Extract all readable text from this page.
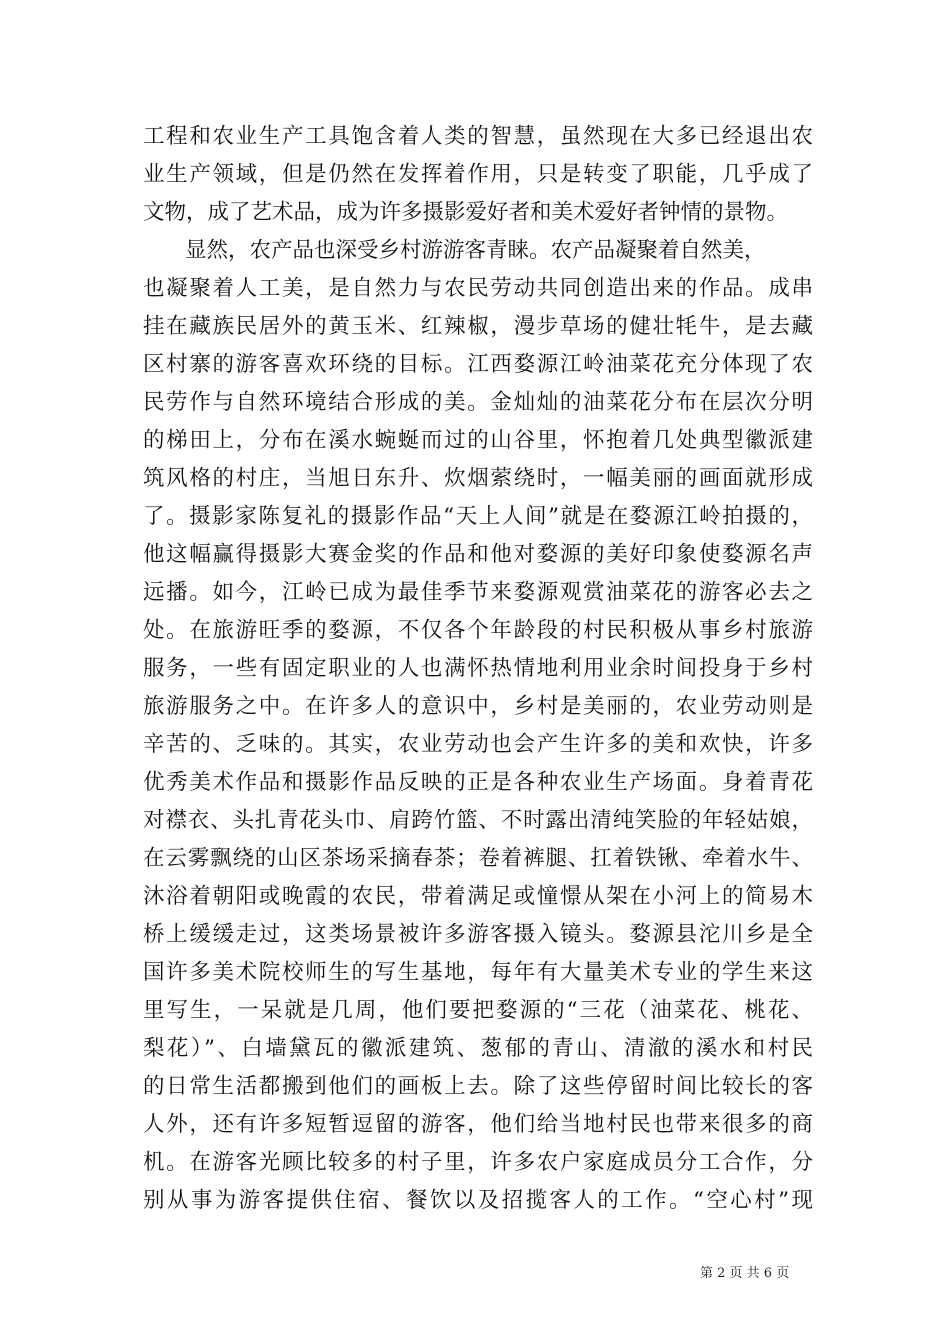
工程和农业生产工具饱含着人类的智慧，虽然现在大多已经退出农
业生产领域，但是仍然在发挥着作用，只是转变了职能，几乎成了
文物，成了艺术品，成为许多摄影爱好者和美术爱好者钟情的景物。
显然，农产品也深受乡村游游客青睐。农产品凝聚着自然美，
也凝聚着人工美，是自然力与农民劳动共同创造出来的作品。成串
挂在藏族民居外的黄玉米、红辣椒，漫步草场的健壮牦牛，是去藏
区村寨的游客喜欢环绕的目标。江西婺源江岭油菜花充分体现了农
民劳作与自然环境结合形成的美。金灿灿的油菜花分布在层次分明
的梯田上，分布在溪水蜿蜒而过的山谷里，怀抱着几处典型徽派建
筑风格的村庄，当旭日东升、炊烟萦绕时，一幅美丽的画面就形成
了。摄影家陈复礼的摄影作品“天上人间”就是在婺源江岭拍摄的，
他这幅赢得摄影大赛金奖的作品和他对婺源的美好印象使婺源名声
远播。如今，江岭已成为最佳季节来婺源观赏油菜花的游客必去之
处。在旅游旺季的婺源，不仅各个年龄段的村民积极从事乡村旅游
服务，一些有固定职业的人也满怀热情地利用业余时间投身于乡村
旅游服务之中。在许多人的意识中，乡村是美丽的，农业劳动则是
辛苦的、乏味的。其实，农业劳动也会产生许多的美和欢快，许多
优秀美术作品和摄影作品反映的正是各种农业生产场面。身着青花
对襟衣、头扎青花头巾、肩跨竹篮、不时露出清纯笑脸的年轻姑娘，
在云雾飘绕的山区茶场采摘春茶；卷着裤腿、扛着铁锹、牵着水牛、
沐浴着朝阳或晚霞的农民，带着满足或憧憬从架在小河上的简易木
桥上缓缓走过，这类场景被许多游客摄入镜头。婺源县沱川乡是全
国许多美术院校师生的写生基地，每年有大量美术专业的学生来这
里写生，一呆就是几周，他们要把婺源的“三花（油菜花、桃花、
梨花）”、白墙黛瓦的徽派建筑、葱郁的青山、清澈的溪水和村民
的日常生活都搬到他们的画板上去。除了这些停留时间比较长的客
人外，还有许多短暂逗留的游客，他们给当地村民也带来很多的商
机。在游客光顾比较多的村子里，许多农户家庭成员分工合作，分
别从事为游客提供住宿、餐饮以及招揽客人的工作。“空心村”现
第 2 页 共 6 页
